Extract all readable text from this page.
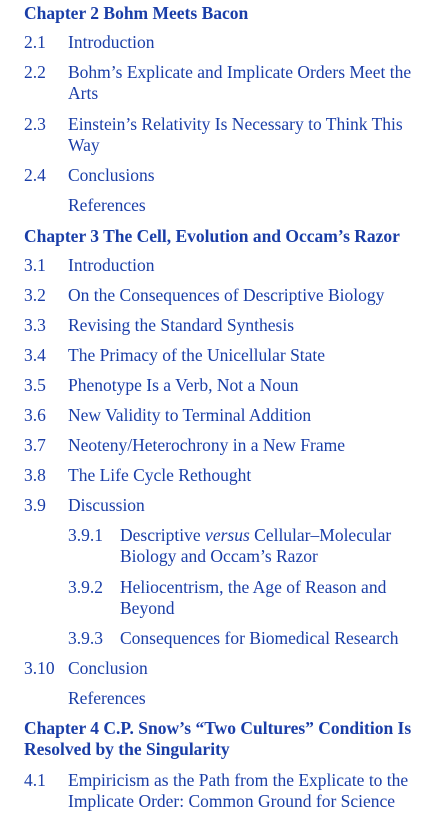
Chapter 2 Bohm Meets Bacon
2.1 Introduction
2.2 Bohm’s Explicate and Implicate Orders Meet the Arts
2.3 Einstein’s Relativity Is Necessary to Think This Way
2.4 Conclusions
References
Chapter 3 The Cell, Evolution and Occam’s Razor
3.1 Introduction
3.2 On the Consequences of Descriptive Biology
3.3 Revising the Standard Synthesis
3.4 The Primacy of the Unicellular State
3.5 Phenotype Is a Verb, Not a Noun
3.6 New Validity to Terminal Addition
3.7 Neoteny/Heterochrony in a New Frame
3.8 The Life Cycle Rethought
3.9 Discussion
3.9.1 Descriptive versus Cellular–Molecular Biology and Occam’s Razor
3.9.2 Heliocentrism, the Age of Reason and Beyond
3.9.3 Consequences for Biomedical Research
3.10 Conclusion
References
Chapter 4 C.P. Snow’s “Two Cultures” Condition Is Resolved by the Singularity
4.1 Empiricism as the Path from the Explicate to the Implicate Order: Common Ground for Science
